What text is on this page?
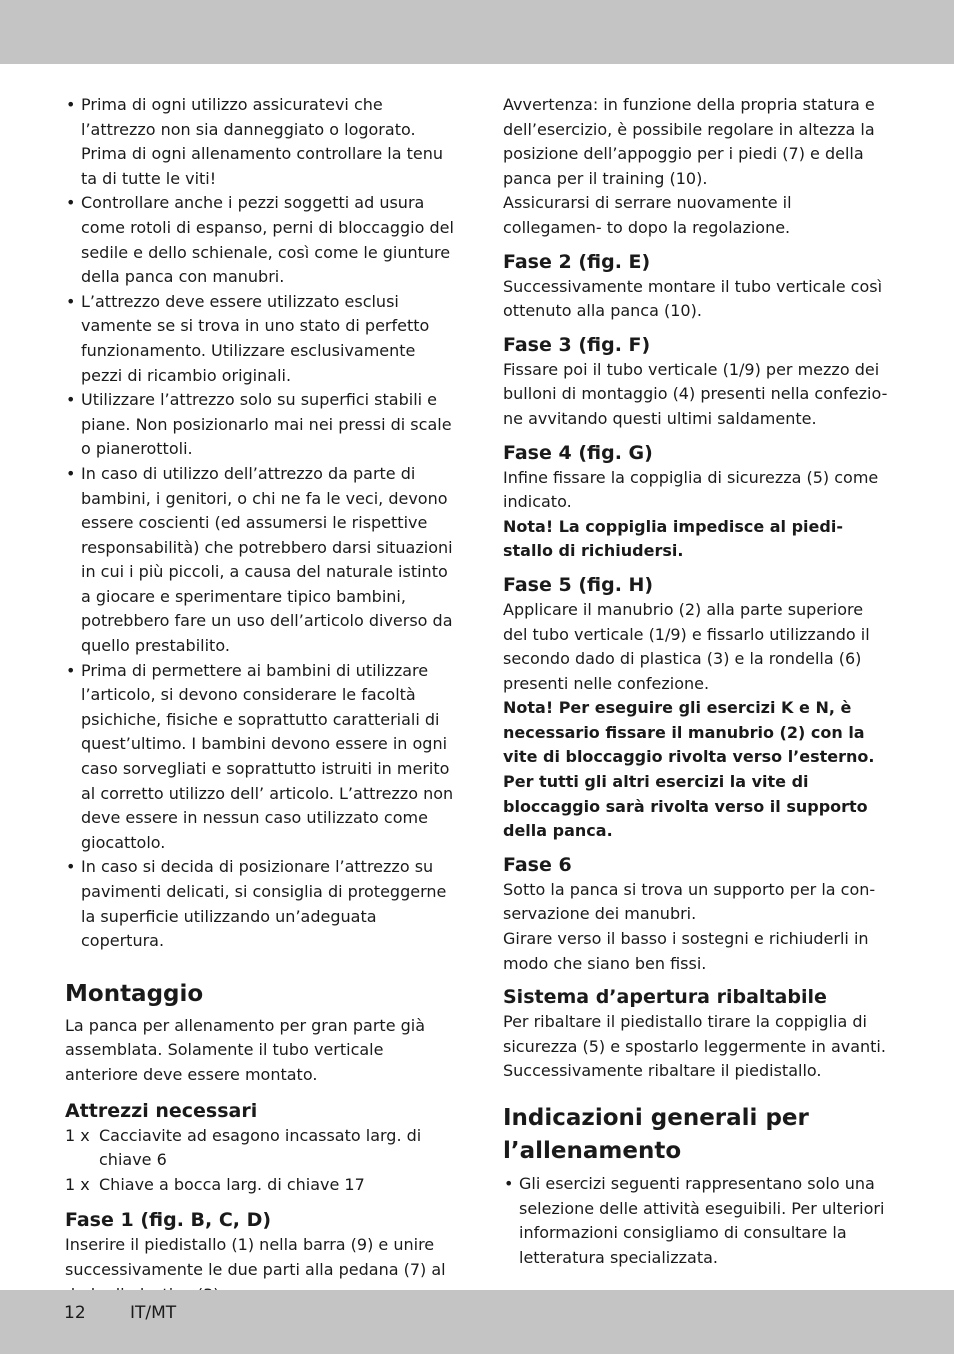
• Prima di ogni utilizzo assicuratevi che l’attrezzo non sia danneggiato o logorato. Prima di ogni allenamento controllare la tenu ta di tutte le viti!
• Controllare anche i pezzi soggetti ad usura come rotoli di espanso, perni di bloccaggio del sedile e dello schienale, così come le giunture della panca con manubri.
• L’attrezzo deve essere utilizzato esclusi vamente se si trova in uno stato di perfetto funzionamento. Utilizzare esclusivamente pezzi di ricambio originali.
• Utilizzare l’attrezzo solo su superfici stabili e piane. Non posizionarlo mai nei pressi di scale o pianerottoli.
• In caso di utilizzo dell’attrezzo da parte di bambini, i genitori, o chi ne fa le veci, devono essere coscienti (ed assumersi le rispettive responsabilità) che potrebbero darsi situazioni in cui i più piccoli, a causa del naturale istinto a giocare e sperimentare tipico bambini, potrebbero fare un uso dell’articolo diverso da quello prestabilito.
• Prima di permettere ai bambini di utilizzare l’articolo, si devono considerare le facoltà psichiche, fisiche e soprattutto caratteriali di quest’ultimo. I bambini devono essere in ogni caso sorvegliati e soprattutto istruiti in merito al corretto utilizzo dell’ articolo. L’attrezzo non deve essere in nessun caso utilizzato come giocattolo.
• In caso si decida di posizionare l’attrezzo su pavimenti delicati, si consiglia di proteggerne la superficie utilizzando un’adeguata copertura.
Montaggio

La panca per allenamento per gran parte già assemblata. Solamente il tubo verticale anteriore deve essere montato.

Attrezzi necessari
1 x Cacciavite ad esagono incassato larg. di chiave 6
1 x Chiave a bocca larg. di chiave 17
Fase 1 (fig. B, C, D)

Inserire il piedistallo (1) nella barra (9) e unire successivamente le due parti alla pedana (7) al

Avvertenza: in funzione della propria statura e dell’esercizio, è possibile regolare in altezza la posizione dell’appoggio per i piedi (7) e della panca per il training (10).

Assicurarsi di serrare nuovamente il collegamen- to dopo la regolazione.

Fase 2 (fig. E)

Successivamente montare il tubo verticale così ottenuto alla panca (10).

Fase 3 (fig. F)

Fissare poi il tubo verticale (1/9) per mezzo dei bulloni di montaggio (4) presenti nella confezio- ne avvitando questi ultimi saldamente.

Fase 4 (fig. G)

Infine fissare la coppiglia di sicurezza (5) come indicato.

Nota! La coppiglia impedisce al piedi- stallo di richiudersi.

Fase 5 (fig. H)

Applicare il manubrio (2) alla parte superiore del tubo verticale (1/9) e fissarlo utilizzando il secondo dado di plastica (3) e la rondella (6) presenti nelle confezione.

Nota! Per eseguire gli esercizi K e N, è necessario fissare il manubrio (2) con la vite di bloccaggio rivolta verso l’esterno. Per tutti gli altri esercizi la vite di bloccaggio sarà rivolta verso il supporto della panca.

Fase 6

Sotto la panca si trova un supporto per la con- servazione dei manubri.

Girare verso il basso i sostegni e richiuderli in modo che siano ben fissi.

Sistema d’apertura ribaltabile

Per ribaltare il piedistallo tirare la coppiglia di sicurezza (5) e spostarlo leggermente in avanti. Successivamente ribaltare il piedistallo.

Indicazioni generali per l’allenamento
• Gli esercizi seguenti rappresentano solo una selezione delle attività eseguibili. Per ulteriori informazioni consigliamo di consultare la letteratura specializzata.
12	IT/MT
